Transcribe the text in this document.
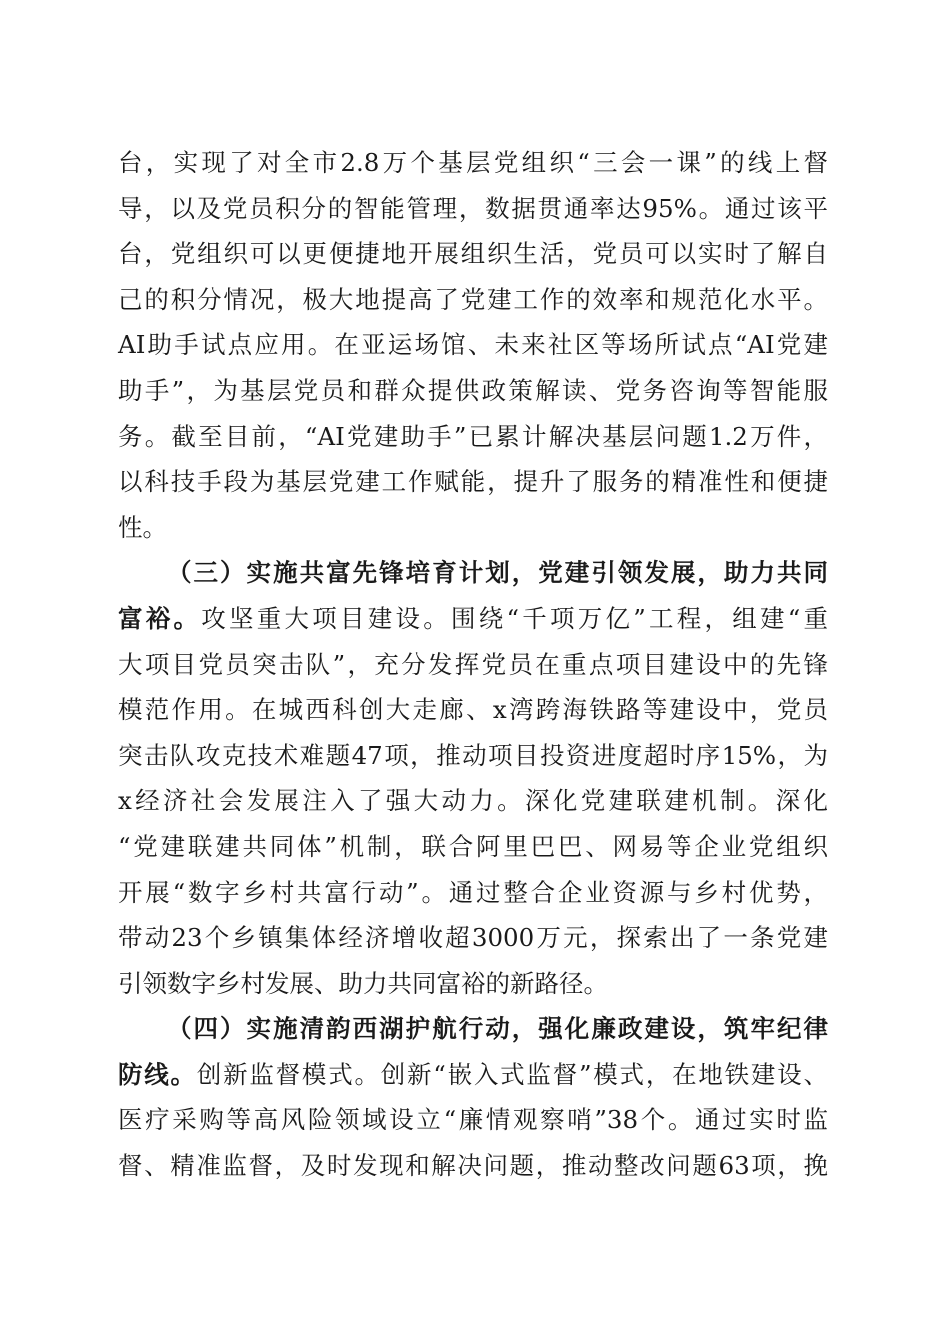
台，实现了对全市2.8万个基层党组织“三会一课”的线上督
导，以及党员积分的智能管理，数据贯通率达95%。通过该平
台，党组织可以更便捷地开展组织生活，党员可以实时了解自
己的积分情况，极大地提高了党建工作的效率和规范化水平。
AI助手试点应用。在亚运场馆、未来社区等场所试点“AI党建
助手”，为基层党员和群众提供政策解读、党务咨询等智能服
务。截至目前，“AI党建助手”已累计解决基层问题1.2万件，
以科技手段为基层党建工作赋能，提升了服务的精准性和便捷
性。
（三）实施共富先锋培育计划，党建引领发展，助力共同
富裕。攻坚重大项目建设。围绕“千项万亿”工程，组建“重
大项目党员突击队”，充分发挥党员在重点项目建设中的先锋
模范作用。在城西科创大走廊、x湾跨海铁路等建设中，党员
突击队攻克技术难题47项，推动项目投资进度超时序15%，为
x经济社会发展注入了强大动力。深化党建联建机制。深化
“党建联建共同体”机制，联合阿里巴巴、网易等企业党组织
开展“数字乡村共富行动”。通过整合企业资源与乡村优势，
带动23个乡镇集体经济增收超3000万元，探索出了一条党建
引领数字乡村发展、助力共同富裕的新路径。
（四）实施清韵西湖护航行动，强化廉政建设，筑牢纪律
防线。创新监督模式。创新“嵌入式监督”模式，在地铁建设、
医疗采购等高风险领域设立“廉情观察哨”38个。通过实时监
督、精准监督，及时发现和解决问题，推动整改问题63项，挽
